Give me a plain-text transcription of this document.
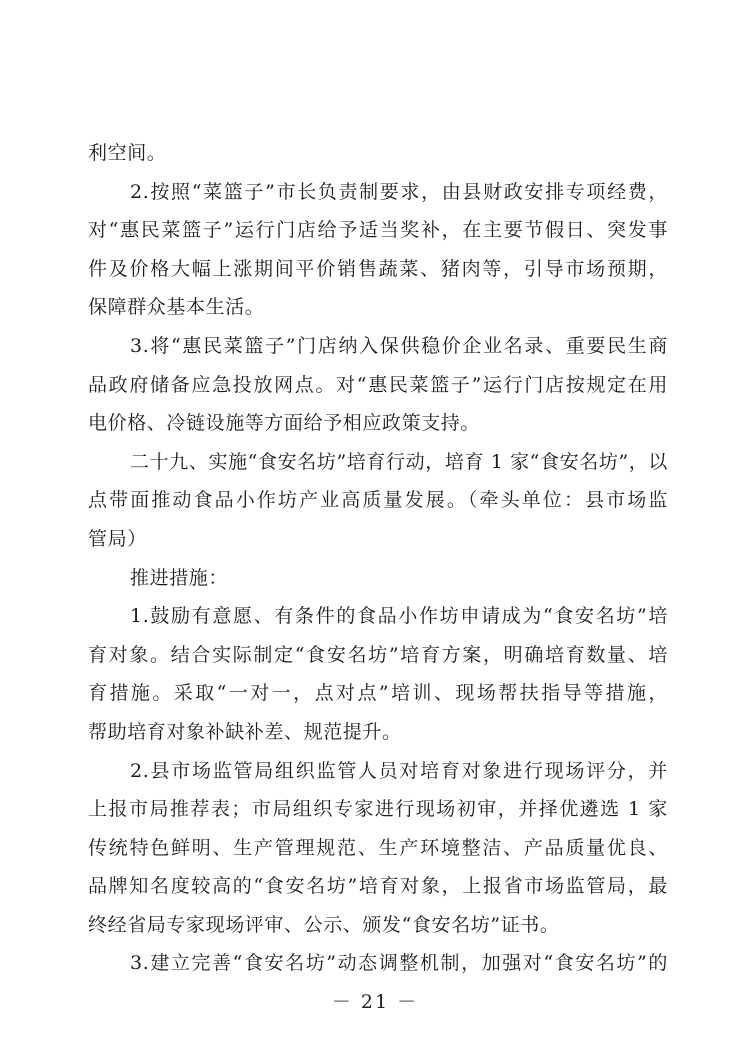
利空间。
2.按照“菜篮子”市长负责制要求，由县财政安排专项经费，
对“惠民菜篮子”运行门店给予适当奖补，在主要节假日、突发事
件及价格大幅上涨期间平价销售蔬菜、猪肉等，引导市场预期，
保障群众基本生活。
3.将“惠民菜篮子”门店纳入保供稳价企业名录、重要民生商
品政府储备应急投放网点。对“惠民菜篮子”运行门店按规定在用
电价格、冷链设施等方面给予相应政策支持。
二十九、实施“食安名坊”培育行动，培育 1 家“食安名坊”，以
点带面推动食品小作坊产业高质量发展。（牵头单位：县市场监
管局）
推进措施：
1.鼓励有意愿、有条件的食品小作坊申请成为“食安名坊”培
育对象。结合实际制定“食安名坊”培育方案，明确培育数量、培
育措施。采取“一对一，点对点”培训、现场帮扶指导等措施，
帮助培育对象补缺补差、规范提升。
2.县市场监管局组织监管人员对培育对象进行现场评分，并
上报市局推荐表；市局组织专家进行现场初审，并择优遴选 1 家
传统特色鲜明、生产管理规范、生产环境整洁、产品质量优良、
品牌知名度较高的“食安名坊”培育对象，上报省市场监管局，最
终经省局专家现场评审、公示、颁发“食安名坊”证书。
3.建立完善“食安名坊”动态调整机制，加强对“食安名坊”的
－ 21 －
